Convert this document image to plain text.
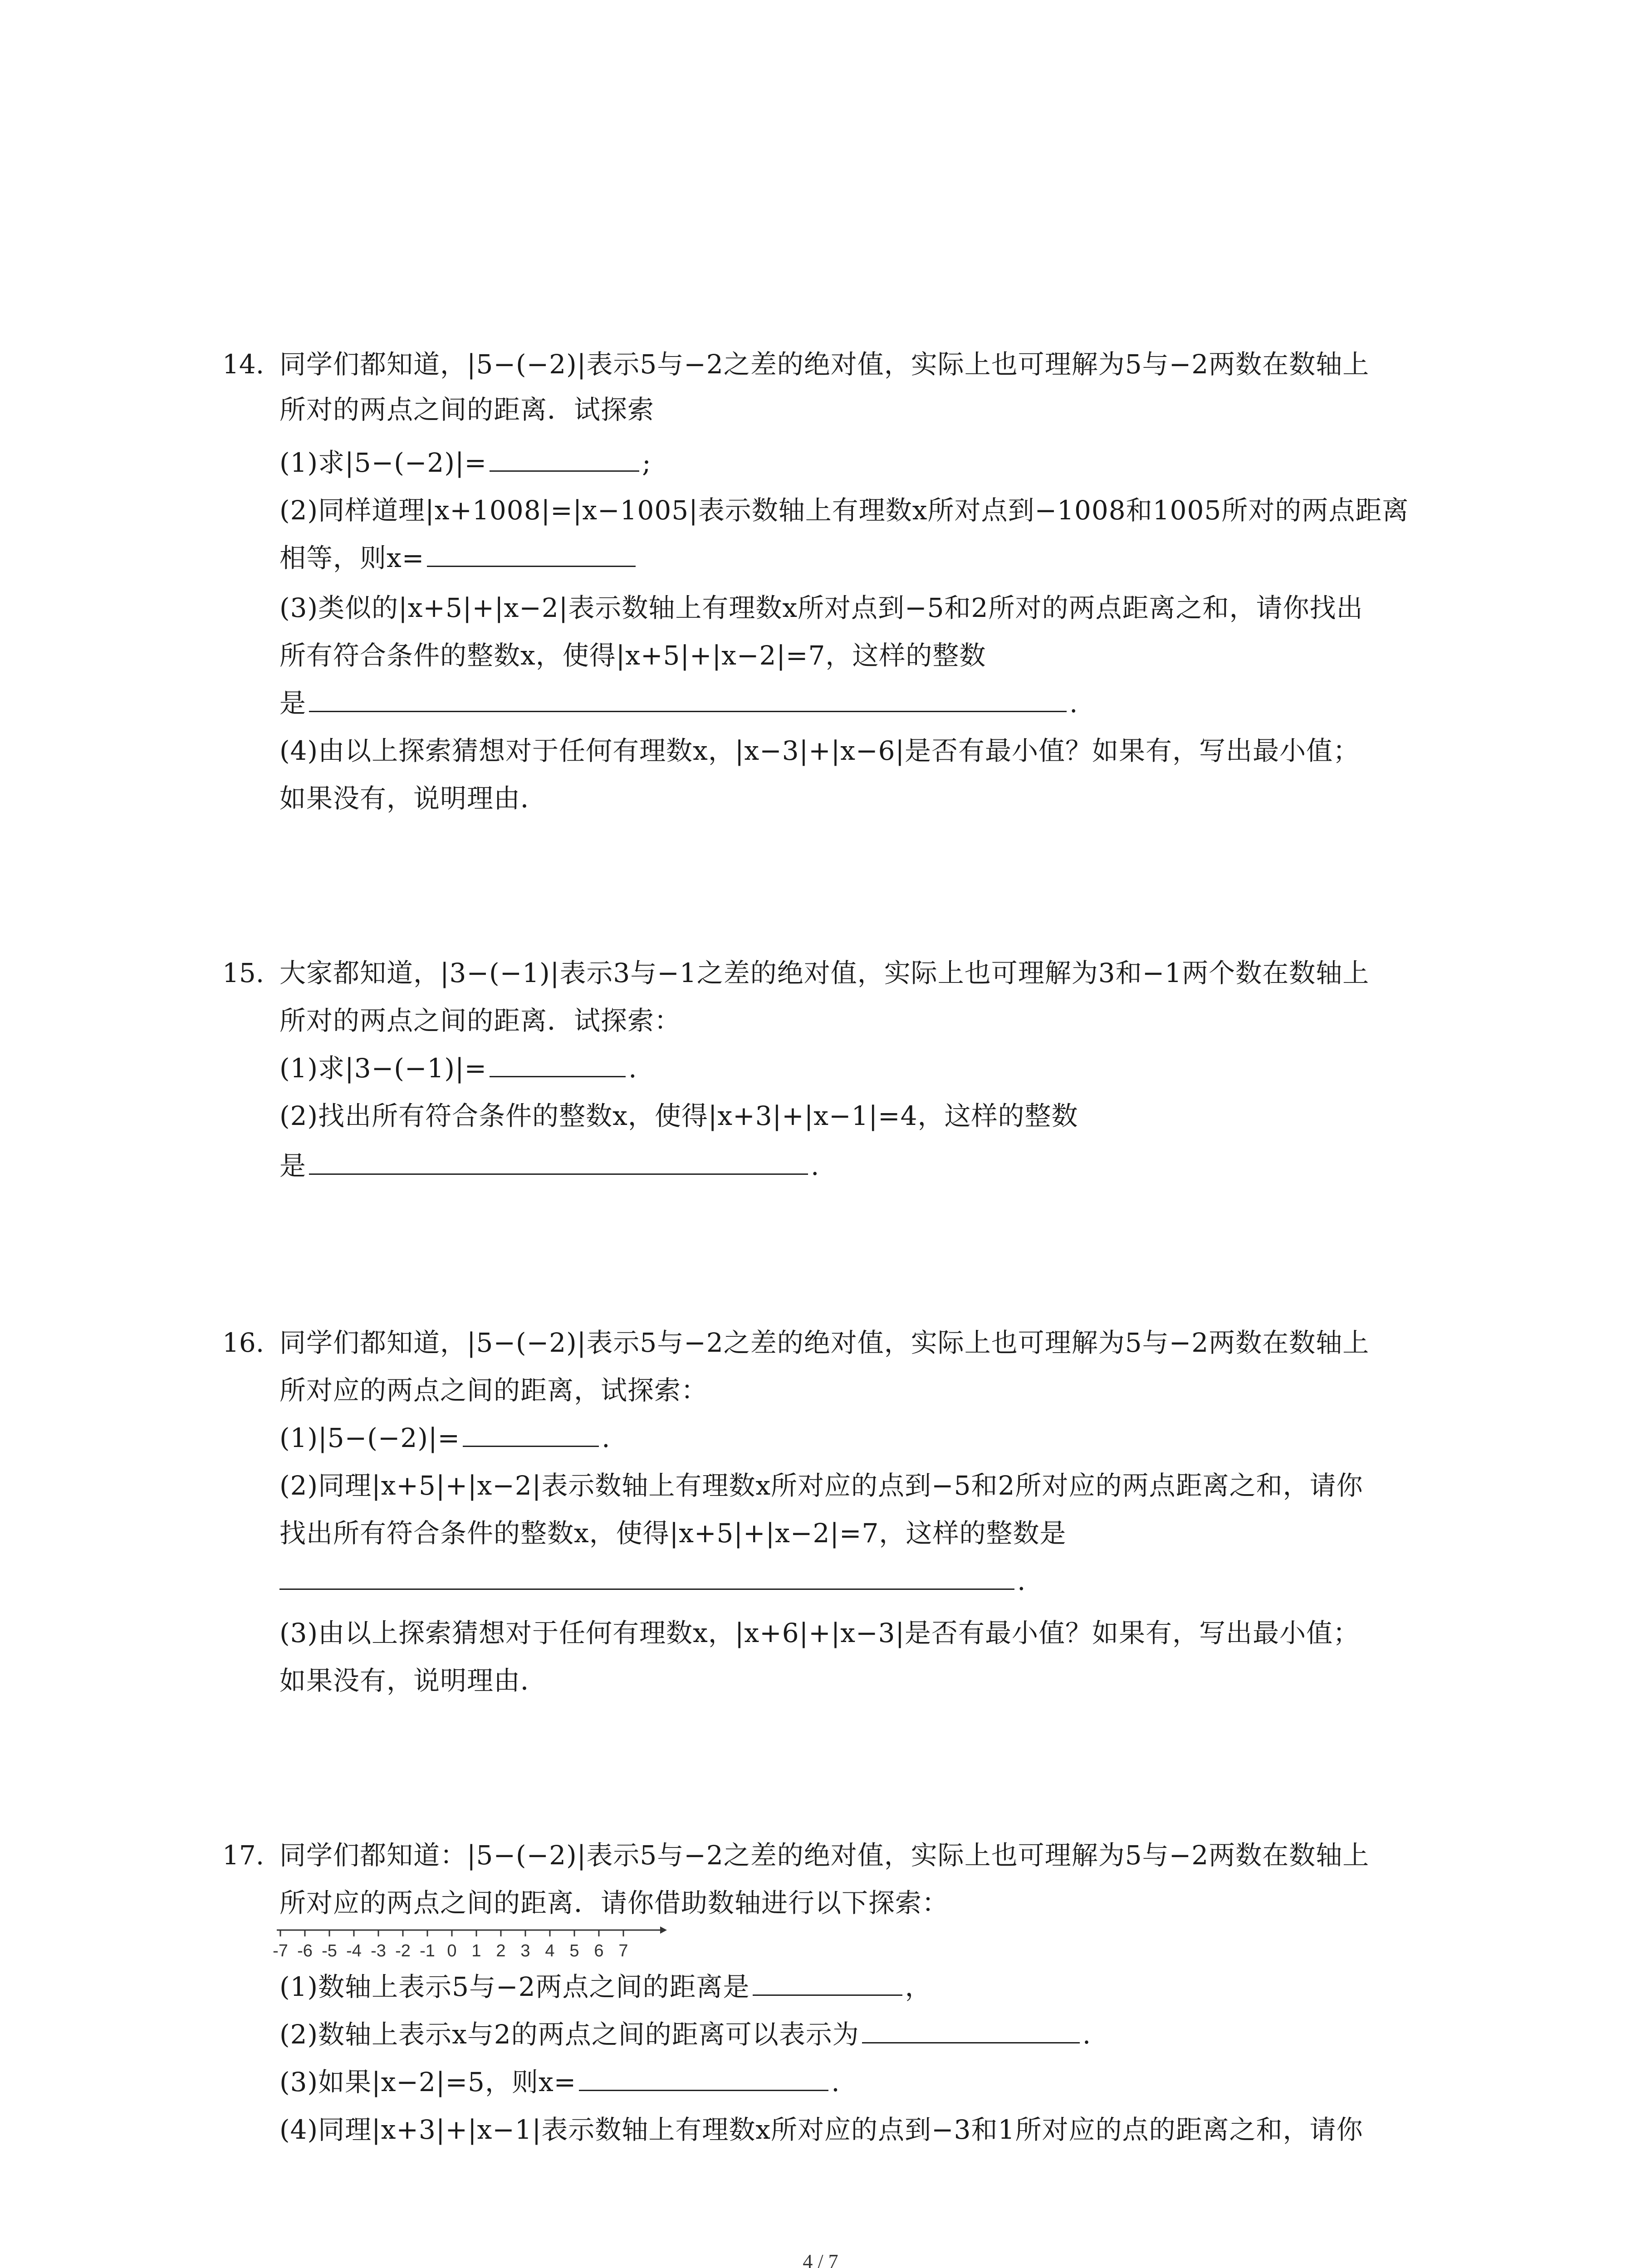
14. 同学们都知道，|5−(−2)|表示5与−2之差的绝对值，实际上也可理解为5与−2两数在数轴上
所对的两点之间的距离．试探索
(1)求|5−(−2)|=	;
(2)同样道理|x+1008|=|x−1005|表示数轴上有理数x所对点到−1008和1005所对的两点距离
相等，则x=
(3)类似的|x+5|+|x−2|表示数轴上有理数x所对点到−5和2所对的两点距离之和，请你找出
所有符合条件的整数x，使得|x+5|+|x−2|=7，这样的整数
是	.
(4)由以上探索猜想对于任何有理数x，|x−3|+|x−6|是否有最小值？如果有，写出最小值；
如果没有，说明理由．
15. 大家都知道，|3−(−1)|表示3与−1之差的绝对值，实际上也可理解为3和−1两个数在数轴上
所对的两点之间的距离．试探索：
(1)求|3−(−1)|=	.
(2)找出所有符合条件的整数x，使得|x+3|+|x−1|=4，这样的整数
是	.
16. 同学们都知道，|5−(−2)|表示5与−2之差的绝对值，实际上也可理解为5与−2两数在数轴上
所对应的两点之间的距离，试探索：
(1)|5−(−2)|=	.
(2)同理|x+5|+|x−2|表示数轴上有理数x所对应的点到−5和2所对应的两点距离之和，请你
找出所有符合条件的整数x，使得|x+5|+|x−2|=7，这样的整数是
.
(3)由以上探索猜想对于任何有理数x，|x+6|+|x−3|是否有最小值？如果有，写出最小值；
如果没有，说明理由．
17. 同学们都知道：|5−(−2)|表示5与−2之差的绝对值，实际上也可理解为5与−2两数在数轴上
所对应的两点之间的距离．请你借助数轴进行以下探索：
-7 -6 -5 -4 -3 -2 -1 0 1 2 3 4 5 6 7
(1)数轴上表示5与−2两点之间的距离是	，
(2)数轴上表示x与2的两点之间的距离可以表示为	.
(3)如果|x−2|=5，则x=	.
(4)同理|x+3|+|x−1|表示数轴上有理数x所对应的点到−3和1所对应的点的距离之和，请你
4 / 7
